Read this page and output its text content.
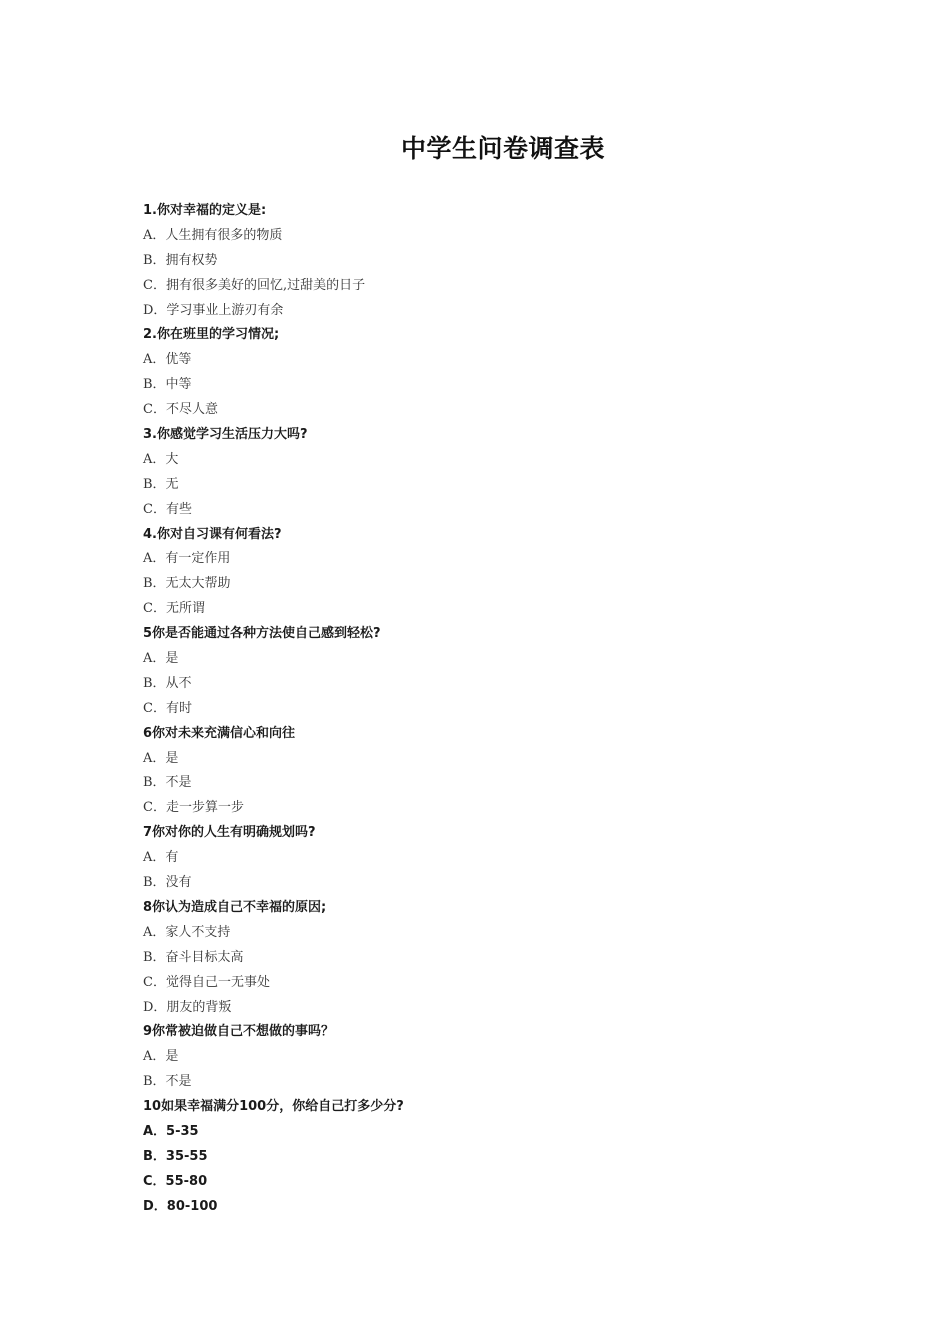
中学生问卷调查表
1.你对幸福的定义是:
A．人生拥有很多的物质
B．拥有权势
C．拥有很多美好的回忆,过甜美的日子
D．学习事业上游刃有余
2.你在班里的学习情况;
A．优等
B．中等
C．不尽人意
3.你感觉学习生活压力大吗?
A．大
B．无
C．有些
4.你对自习课有何看法?
A．有一定作用
B．无太大帮助
C．无所谓
5你是否能通过各种方法使自己感到轻松?
A．是
B．从不
C．有时
6你对未来充满信心和向往
A．是
B．不是
C．走一步算一步
7你对你的人生有明确规划吗?
A．有
B．没有
8你认为造成自己不幸福的原因;
A．家人不支持
B．奋斗目标太高
C．觉得自己一无事处
D．朋友的背叛
9你常被迫做自己不想做的事吗？
A．是
B．不是
10如果幸福满分100分，你给自己打多少分?
A．5-35
B．35-55
C．55-80
D．80-100
